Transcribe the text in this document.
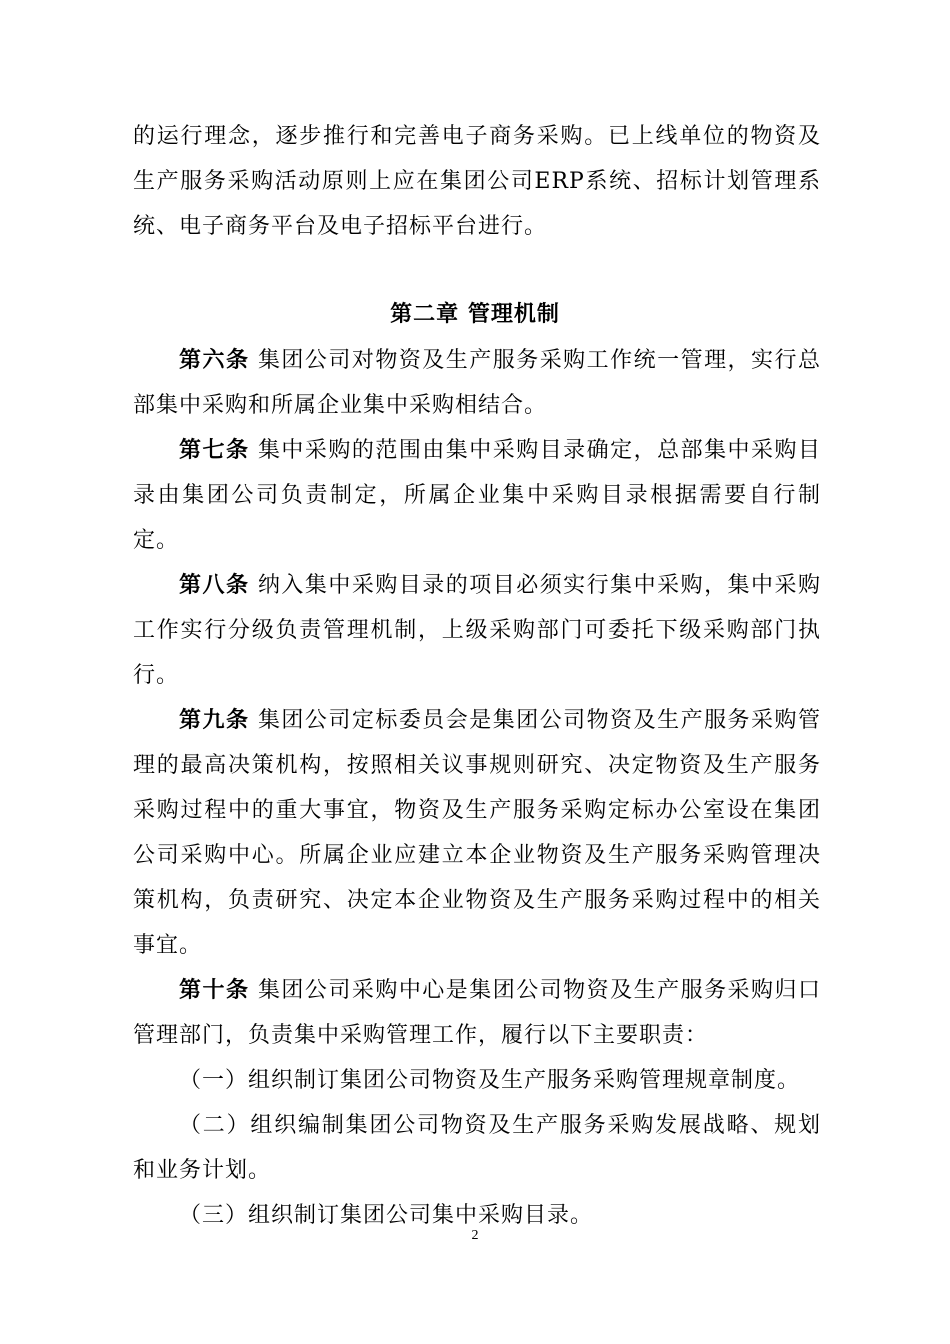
的运行理念，逐步推行和完善电子商务采购。已上线单位的物资及生产服务采购活动原则上应在集团公司ERP系统、招标计划管理系统、电子商务平台及电子招标平台进行。

第二章 管理机制

第六条 集团公司对物资及生产服务采购工作统一管理，实行总部集中采购和所属企业集中采购相结合。

第七条 集中采购的范围由集中采购目录确定，总部集中采购目录由集团公司负责制定，所属企业集中采购目录根据需要自行制定。

第八条 纳入集中采购目录的项目必须实行集中采购，集中采购工作实行分级负责管理机制，上级采购部门可委托下级采购部门执行。

第九条 集团公司定标委员会是集团公司物资及生产服务采购管理的最高决策机构，按照相关议事规则研究、决定物资及生产服务采购过程中的重大事宜，物资及生产服务采购定标办公室设在集团公司采购中心。所属企业应建立本企业物资及生产服务采购管理决策机构，负责研究、决定本企业物资及生产服务采购过程中的相关事宜。

第十条 集团公司采购中心是集团公司物资及生产服务采购归口管理部门，负责集中采购管理工作，履行以下主要职责：

（一）组织制订集团公司物资及生产服务采购管理规章制度。

（二）组织编制集团公司物资及生产服务采购发展战略、规划和业务计划。

（三）组织制订集团公司集中采购目录。

2
